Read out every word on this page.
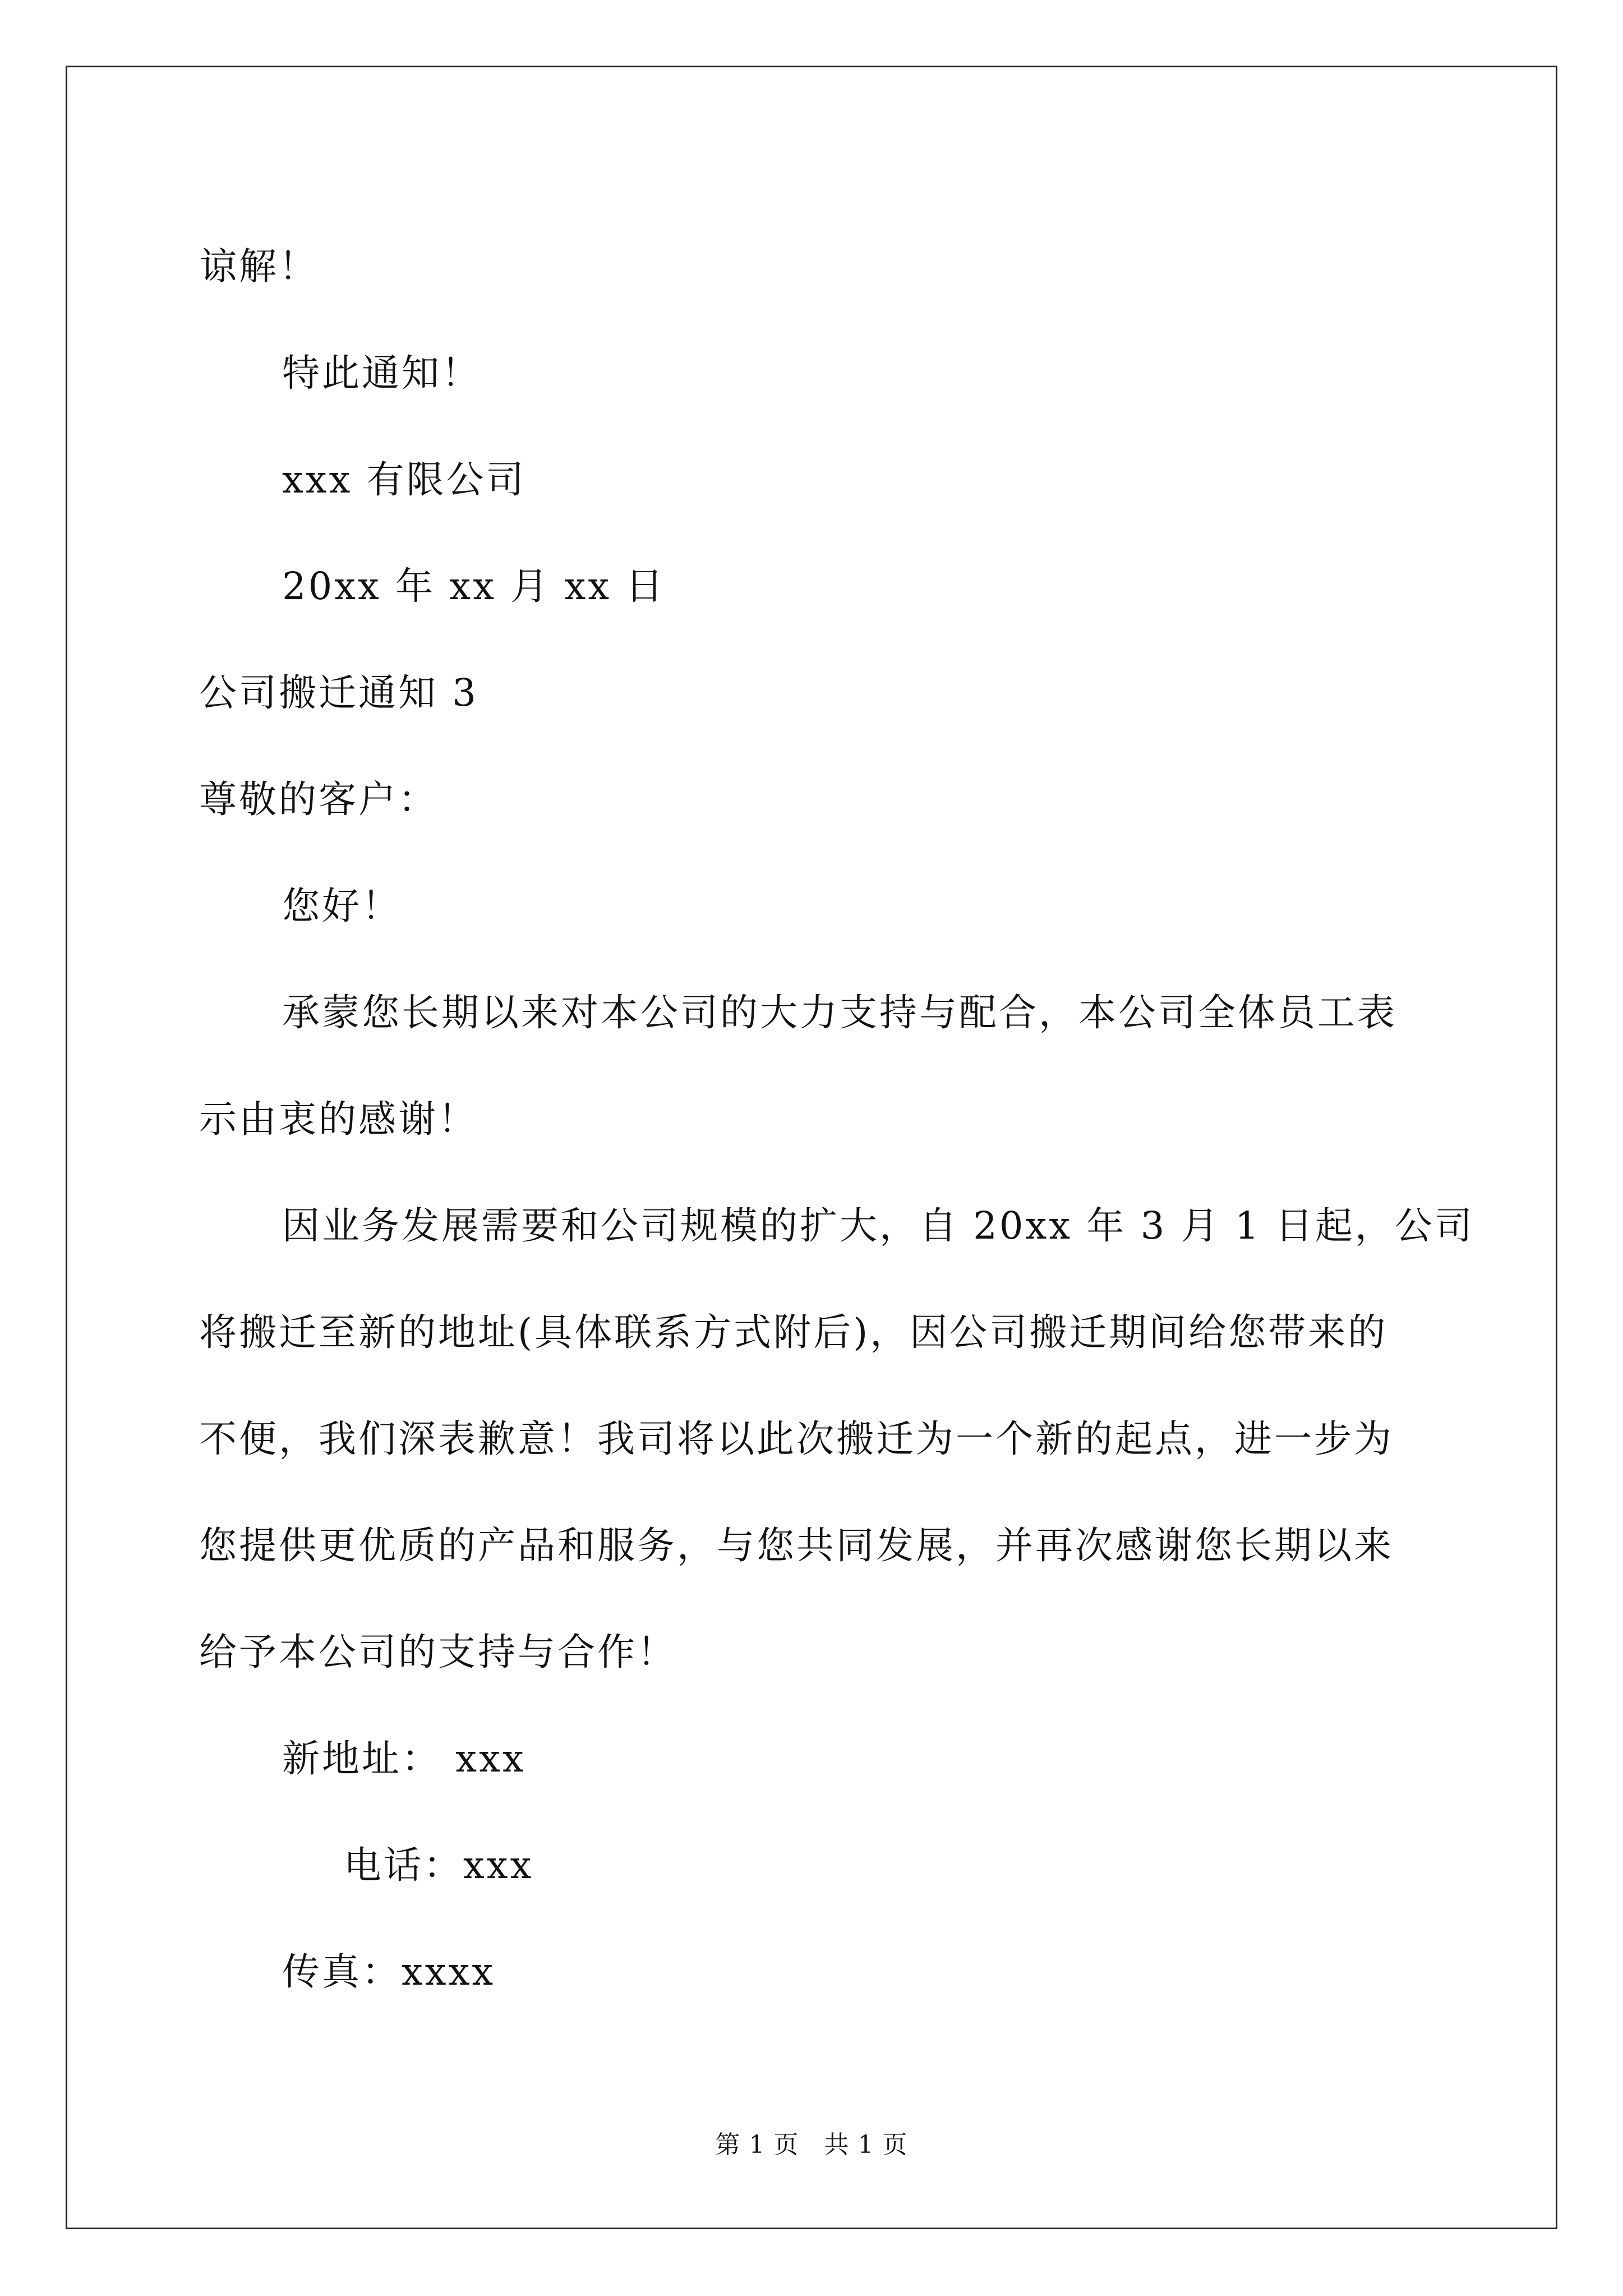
谅解！
特此通知！
xxx 有限公司
20xx 年 xx 月 xx 日
公司搬迁通知 3
尊敬的客户：
您好！
承蒙您长期以来对本公司的大力支持与配合，本公司全体员工表
示由衷的感谢！
因业务发展需要和公司规模的扩大，自 20xx 年 3 月 1 日起，公司
将搬迁至新的地址(具体联系方式附后)，因公司搬迁期间给您带来的
不便，我们深表歉意！我司将以此次搬迁为一个新的起点，进一步为
您提供更优质的产品和服务，与您共同发展，并再次感谢您长期以来
给予本公司的支持与合作！
新地址： xxx
电话：xxx
传真：xxxx
第 1 页   共 1 页
